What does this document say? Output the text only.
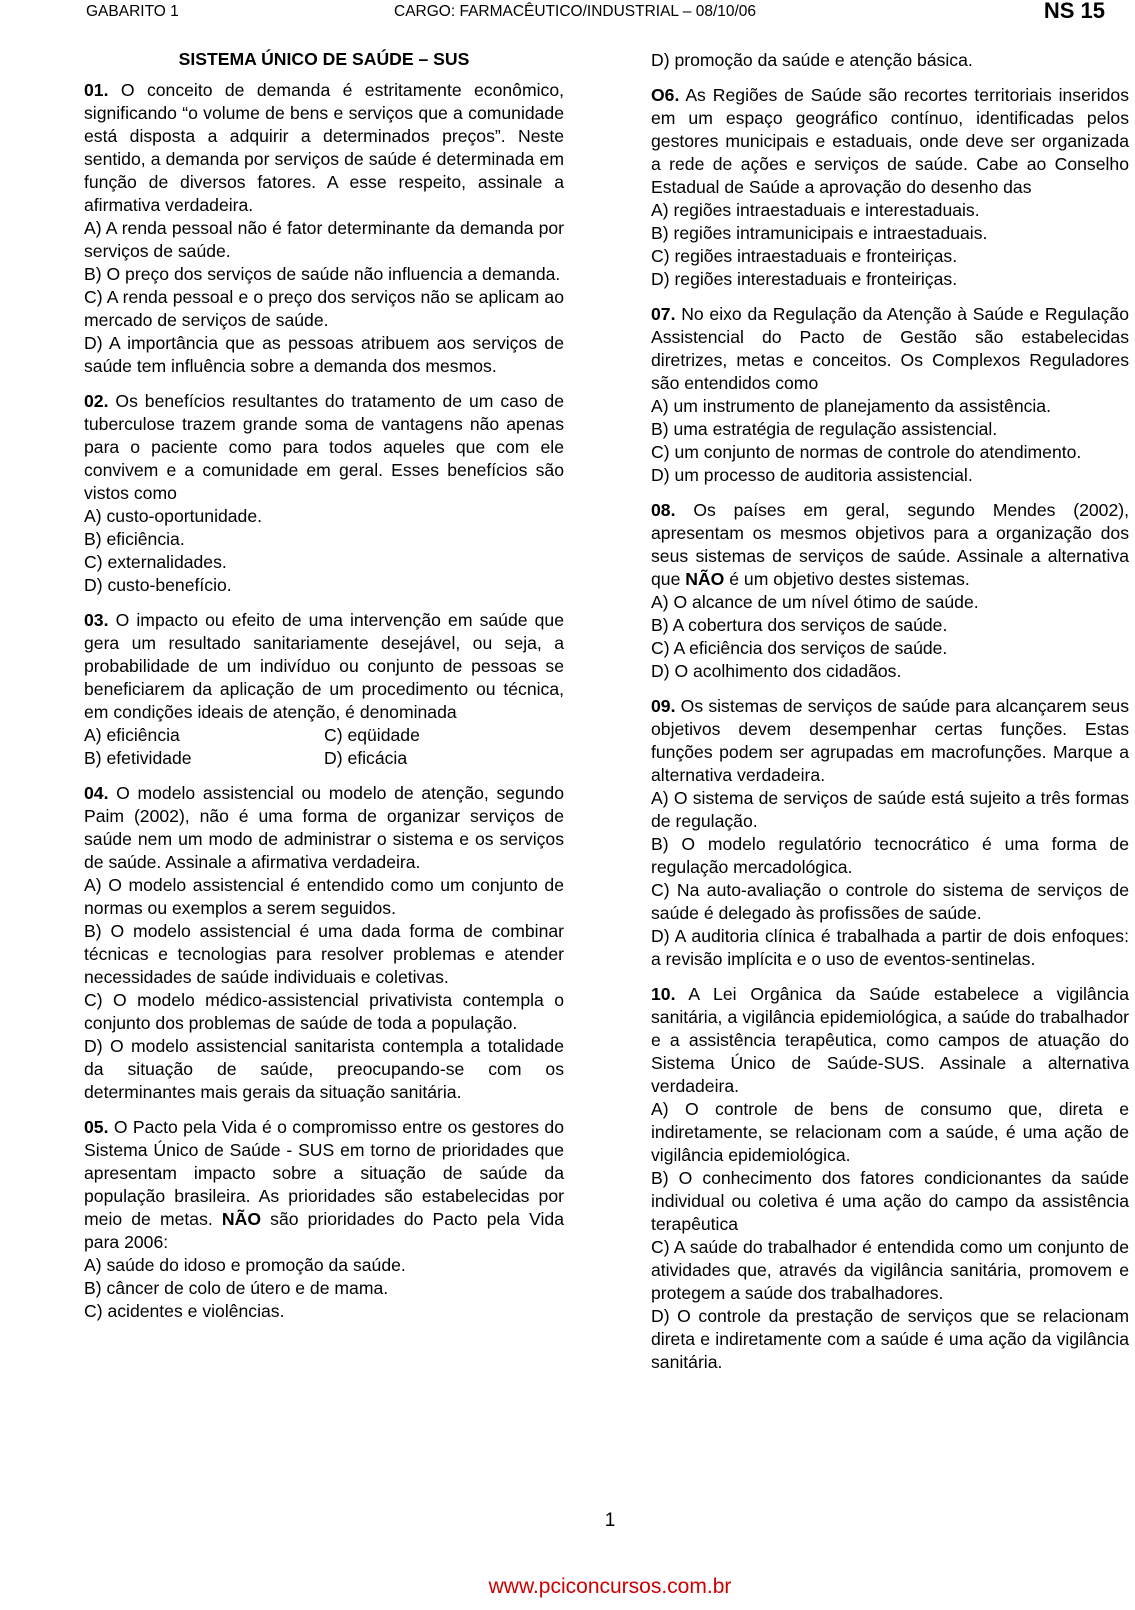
GABARITO 1	CARGO: FARMACÊUTICO/INDUSTRIAL – 08/10/06	NS 15

SISTEMA ÚNICO DE SAÚDE – SUS

01. O conceito de demanda é estritamente econômico, significando “o volume de bens e serviços que a comunidade está disposta a adquirir a determinados preços”. Neste sentido, a demanda por serviços de saúde é determinada em função de diversos fatores. A esse respeito, assinale a afirmativa verdadeira.

A) A renda pessoal não é fator determinante da demanda por serviços de saúde.
B) O preço dos serviços de saúde não influencia a demanda.
C) A renda pessoal e o preço dos serviços não se aplicam ao mercado de serviços de saúde.
D) A importância que as pessoas atribuem aos serviços de saúde tem influência sobre a demanda dos mesmos.

02. Os benefícios resultantes do tratamento de um caso de tuberculose trazem grande soma de vantagens não apenas para o paciente como para todos aqueles que com ele convivem e a comunidade em geral. Esses benefícios são vistos como

A) custo-oportunidade.
B) eficiência.
C) externalidades.
D) custo-benefício.

03. O impacto ou efeito de uma intervenção em saúde que gera um resultado sanitariamente desejável, ou seja, a probabilidade de um indivíduo ou conjunto de pessoas se beneficiarem da aplicação de um procedimento ou técnica, em condições ideais de atenção, é denominada

A) eficiência	C) eqüidade
B) efetividade	D) eficácia

04. O modelo assistencial ou modelo de atenção, segundo Paim (2002), não é uma forma de organizar serviços de saúde nem um modo de administrar o sistema e os serviços de saúde. Assinale a afirmativa verdadeira.

A) O modelo assistencial é entendido como um conjunto de normas ou exemplos a serem seguidos.
B) O modelo assistencial é uma dada forma de combinar técnicas e tecnologias para resolver problemas e atender necessidades de saúde individuais e coletivas.
C) O modelo médico-assistencial privativista contempla o conjunto dos problemas de saúde de toda a população.
D) O modelo assistencial sanitarista contempla a totalidade da situação de saúde, preocupando-se com os determinantes mais gerais da situação sanitária.

05. O Pacto pela Vida é o compromisso entre os gestores do Sistema Único de Saúde - SUS em torno de prioridades que apresentam impacto sobre a situação de saúde da população brasileira. As prioridades são estabelecidas por meio de metas. NÃO são prioridades do Pacto pela Vida para 2006:

A) saúde do idoso e promoção da saúde.
B) câncer de colo de útero e de mama.
C) acidentes e violências.
D) promoção da saúde e atenção básica.

O6. As Regiões de Saúde são recortes territoriais inseridos em um espaço geográfico contínuo, identificadas pelos gestores municipais e estaduais, onde deve ser organizada a rede de ações e serviços de saúde. Cabe ao Conselho Estadual de Saúde a aprovação do desenho das

A) regiões intraestaduais e interestaduais.
B) regiões intramunicipais e intraestaduais.
C) regiões intraestaduais e fronteiriças.
D) regiões interestaduais e fronteiriças.

07. No eixo da Regulação da Atenção à Saúde e Regulação Assistencial do Pacto de Gestão são estabelecidas diretrizes, metas e conceitos. Os Complexos Reguladores são entendidos como

A) um instrumento de planejamento da assistência.
B) uma estratégia de regulação assistencial.
C) um conjunto de normas de controle do atendimento.
D) um processo de auditoria assistencial.

08. Os países em geral, segundo Mendes (2002), apresentam os mesmos objetivos para a organização dos seus sistemas de serviços de saúde. Assinale a alternativa que NÃO é um objetivo destes sistemas.

A) O alcance de um nível ótimo de saúde.
B) A cobertura dos serviços de saúde.
C) A eficiência dos serviços de saúde.
D) O acolhimento dos cidadãos.

09. Os sistemas de serviços de saúde para alcançarem seus objetivos devem desempenhar certas funções. Estas funções podem ser agrupadas em macrofunções. Marque a alternativa verdadeira.

A) O sistema de serviços de saúde está sujeito a três formas de regulação.
B) O modelo regulatório tecnocrático é uma forma de regulação mercadológica.
C) Na auto-avaliação o controle do sistema de serviços de saúde é delegado às profissões de saúde.
D) A auditoria clínica é trabalhada a partir de dois enfoques: a revisão implícita e o uso de eventos-sentinelas.

10. A Lei Orgânica da Saúde estabelece a vigilância sanitária, a vigilância epidemiológica, a saúde do trabalhador e a assistência terapêutica, como campos de atuação do Sistema Único de Saúde-SUS. Assinale a alternativa verdadeira.

A) O controle de bens de consumo que, direta e indiretamente, se relacionam com a saúde, é uma ação de vigilância epidemiológica.
B) O conhecimento dos fatores condicionantes da saúde individual ou coletiva é uma ação do campo da assistência terapêutica
C) A saúde do trabalhador é entendida como um conjunto de atividades que, através da vigilância sanitária, promovem e protegem a saúde dos trabalhadores.
D) O controle da prestação de serviços que se relacionam direta e indiretamente com a saúde é uma ação da vigilância sanitária.
1
www.pciconcursos.com.br
